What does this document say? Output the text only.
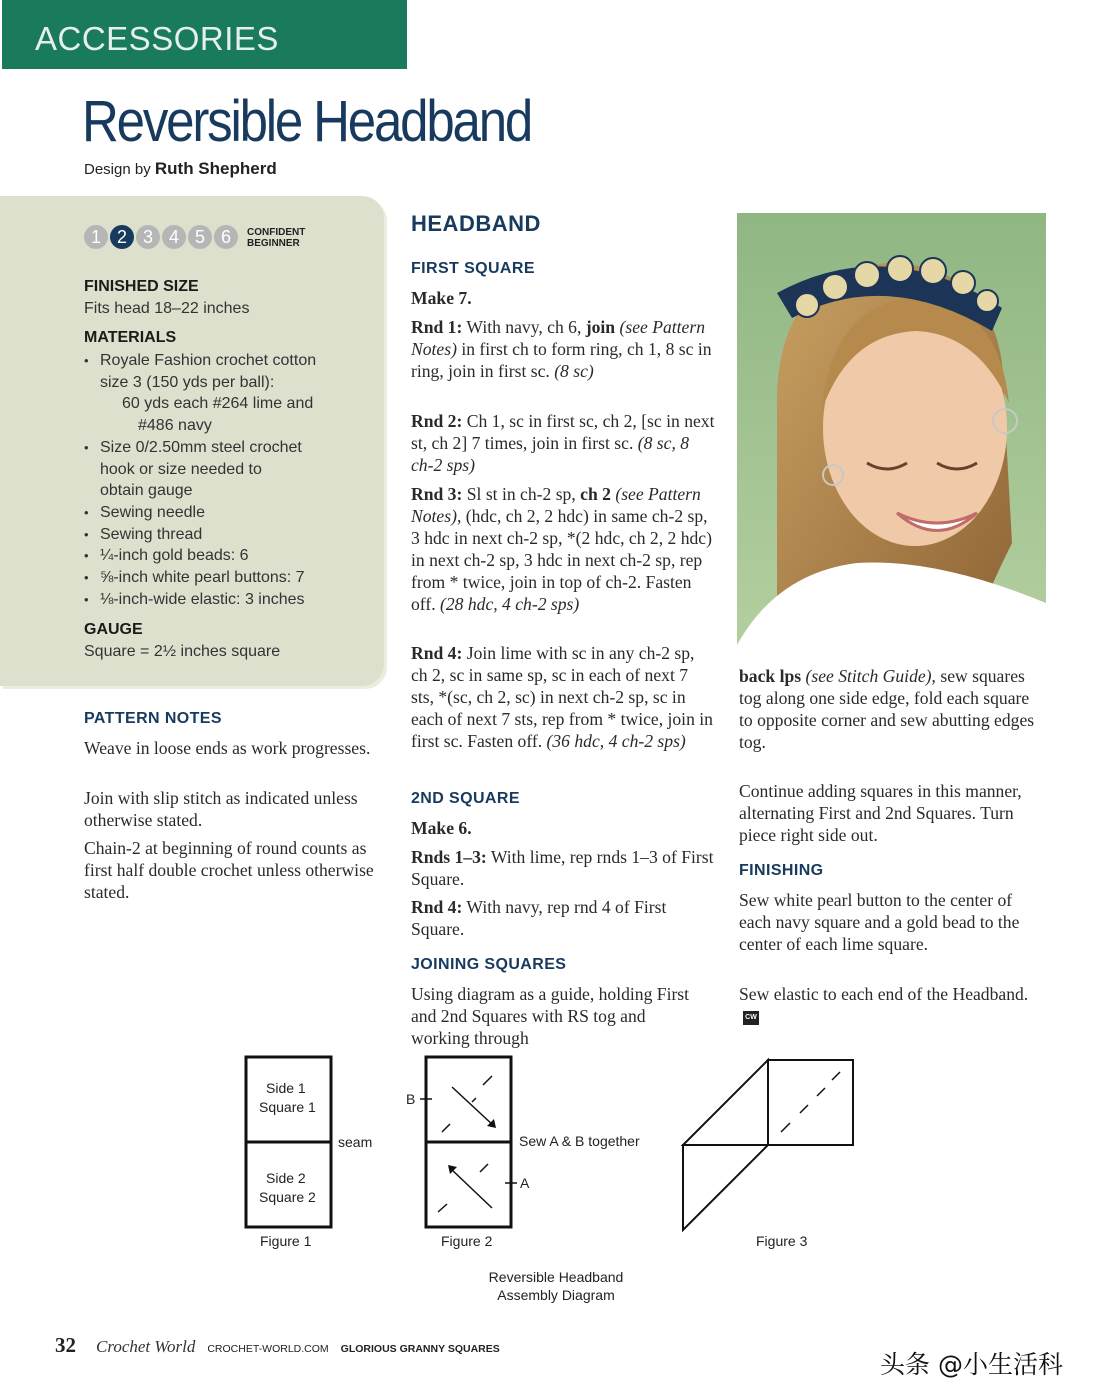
ACCESSORIES
Reversible Headband
Design by Ruth Shepherd
1 2 3 4 5 6	CONFIDENT
BEGINNER
FINISHED SIZE
Fits head 18–22 inches
MATERIALS
• Royale Fashion crochet cotton
size 3 (150 yds per ball):
60 yds each #264 lime and
#486 navy
• Size 0/2.50mm steel crochet
hook or size needed to
obtain gauge
• Sewing needle
• Sewing thread
• ¼-inch gold beads: 6
• ⅝-inch white pearl buttons: 7
• ⅛-inch-wide elastic: 3 inches
GAUGE
Square = 2½ inches square
PATTERN NOTES
Weave in loose ends as work progresses.
Join with slip stitch as indicated unless otherwise stated.
Chain-2 at beginning of round counts as first half double crochet unless otherwise stated.
HEADBAND
FIRST SQUARE
Make 7.
Rnd 1: With navy, ch 6, join (see Pattern Notes) in first ch to form ring, ch 1, 8 sc in ring, join in first sc. (8 sc)
Rnd 2: Ch 1, sc in first sc, ch 2, [sc in next st, ch 2] 7 times, join in first sc. (8 sc, 8 ch-2 sps)
Rnd 3: Sl st in ch-2 sp, ch 2 (see Pattern Notes), (hdc, ch 2, 2 hdc) in same ch-2 sp, 3 hdc in next ch-2 sp, *(2 hdc, ch 2, 2 hdc) in next ch-2 sp, 3 hdc in next ch-2 sp, rep from * twice, join in top of ch-2. Fasten off. (28 hdc, 4 ch-2 sps)
Rnd 4: Join lime with sc in any ch-2 sp, ch 2, sc in same sp, sc in each of next 7 sts, *(sc, ch 2, sc) in next ch-2 sp, sc in each of next 7 sts, rep from * twice, join in first sc. Fasten off. (36 hdc, 4 ch-2 sps)
2ND SQUARE
Make 6.
Rnds 1–3: With lime, rep rnds 1–3 of First Square.
Rnd 4: With navy, rep rnd 4 of First Square.
JOINING SQUARES
Using diagram as a guide, holding First and 2nd Squares with RS tog and working through
back lps (see Stitch Guide), sew squares tog along one side edge, fold each square to opposite corner and sew abutting edges tog.
Continue adding squares in this manner, alternating First and 2nd Squares. Turn piece right side out.
FINISHING
Sew white pearl button to the center of each navy square and a gold bead to the center of each lime square.
Sew elastic to each end of the Headband.CW
Side 1
Square 1
Side 2
Square 2
seam
Figure 1
B
A
Sew A & B together
Figure 2	Figure 3
Reversible Headband
Assembly Diagram
32 Crochet World CROCHET-WORLD.COM GLORIOUS GRANNY SQUARES
头条 @小生活科
